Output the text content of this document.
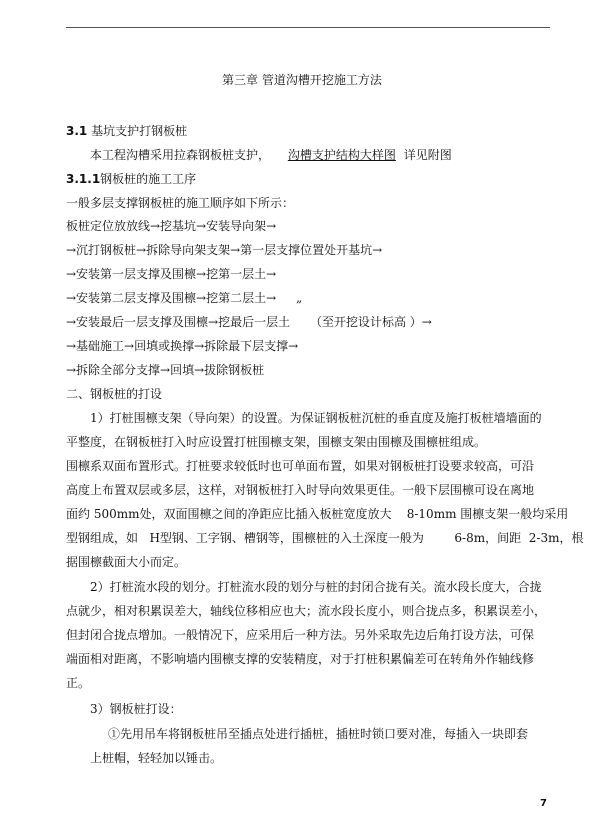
第三章 管道沟槽开挖施工方法
3.1 基坑支护打钢板桩
本工程沟槽采用拉森钢板桩支护， 沟槽支护结构大样图 详见附图
3.1.1钢板桩的施工工序
一般多层支撑钢板桩的施工顺序如下所示：
板桩定位放放线→挖基坑→安装导向架→
→沉打钢板桩→拆除导向架支架→第一层支撑位置处开基坑→
→安装第一层支撑及围檩→挖第一层土→
→安装第二层支撑及围檩→挖第二层土→ „
→安装最后一层支撑及围檩→挖最后一层土 （至开挖设计标高 ）→
→基础施工→回填或换撑→拆除最下层支撑→
→拆除全部分支撑→回填→拔除钢板桩
二、钢板桩的打设
1）打桩围檩支架（导向架）的设置。为保证钢板桩沉桩的垂直度及施打板桩墙墙面的
平整度，在钢板桩打入时应设置打桩围檩支架，围檩支架由围檩及围檩桩组成。
围檩系双面布置形式。打桩要求较低时也可单面布置，如果对钢板桩打设要求较高，可沿
高度上布置双层或多层，这样，对钢板桩打入时导向效果更佳。一般下层围檩可设在离地
面约 500mm处，双面围檩之间的净距应比插入板桩宽度放大    8-10mm 围檩支架一般均采用
型钢组成，如   H型钢、工字钢、槽钢等，围檩桩的入土深度一般为        6-8m，间距  2-3m，根
据围檩截面大小而定。
2）打桩流水段的划分。打桩流水段的划分与桩的封闭合拢有关。流水段长度大，合拢
点就少，相对积累误差大，轴线位移相应也大；流水段长度小，则合拢点多，积累误差小，
但封闭合拢点增加。一般情况下，应采用后一种方法。另外采取先边后角打设方法，可保
端面相对距离，不影响墙内围檩支撑的安装精度，对于打桩积累偏差可在转角外作轴线修
正。
3）钢板桩打设：
①先用吊车将钢板桩吊至插点处进行插桩，插桩时锁口要对准，每插入一块即套
上桩帽，轻轻加以锤击。
7
